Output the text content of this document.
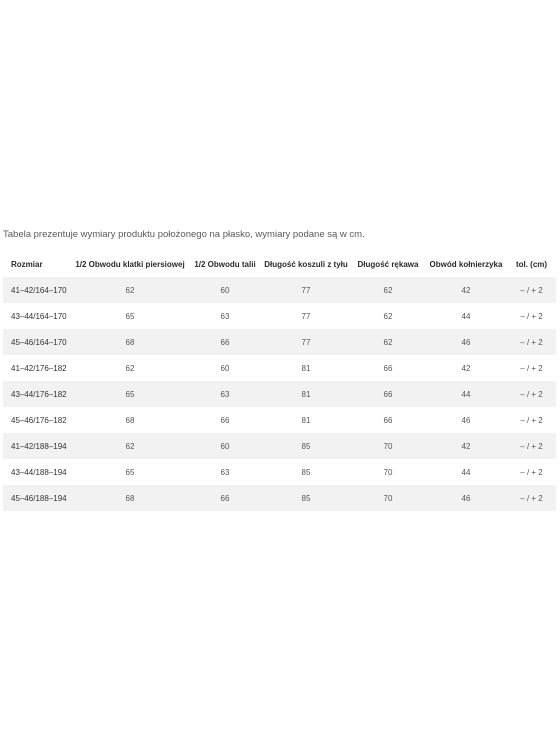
Tabela prezentuje wymiary produktu położonego na płasko, wymiary podane są w cm.
Rozmiar	1/2 Obwodu klatki piersiowej	1/2 Obwodu talii	Długość koszuli z tyłu	Długość rękawa	Obwód kołnierzyka	tol. (cm)
41–42/164–170	62	60	77	62	42	– / + 2
43–44/164–170	65	63	77	62	44	– / + 2
45–46/164–170	68	66	77	62	46	– / + 2
41–42/176–182	62	60	81	66	42	– / + 2
43–44/176–182	65	63	81	66	44	– / + 2
45–46/176–182	68	66	81	66	46	– / + 2
41–42/188–194	62	60	85	70	42	– / + 2
43–44/188–194	65	63	85	70	44	– / + 2
45–46/188–194	68	66	85	70	46	– / + 2
